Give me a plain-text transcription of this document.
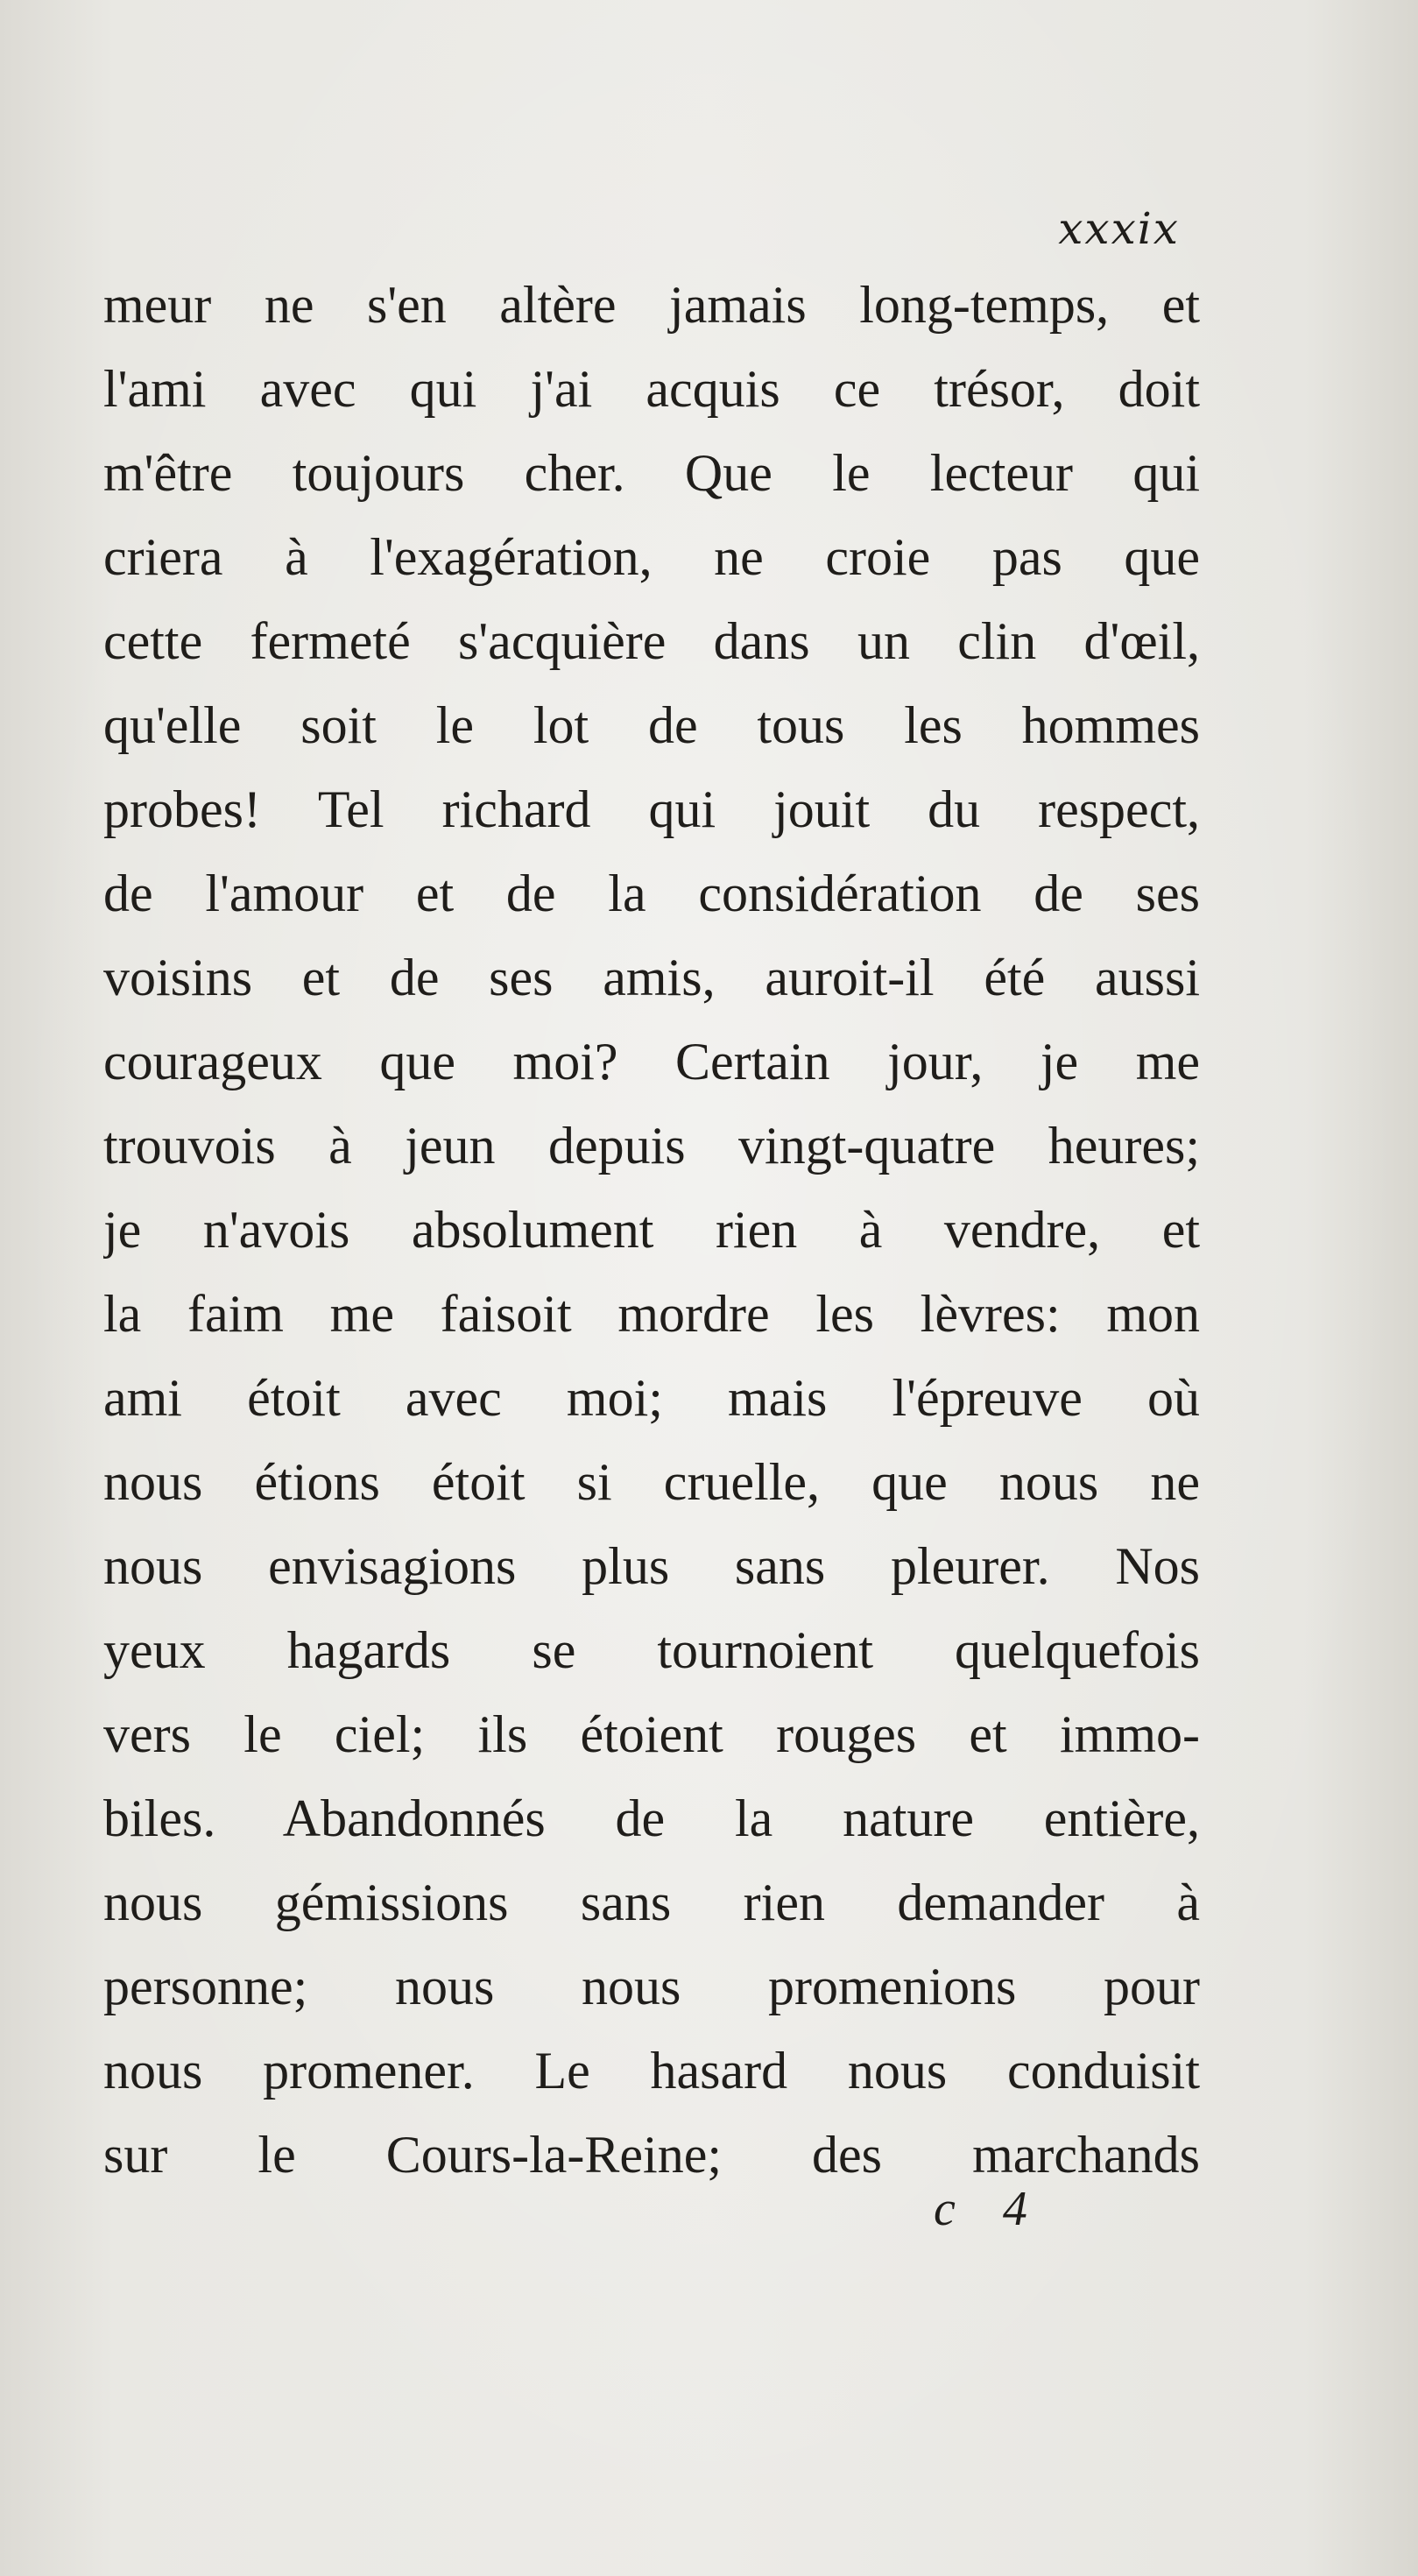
xxxix

meur ne s'en altère jamais long-temps, et
l'ami avec qui j'ai acquis ce trésor, doit
m'être toujours cher. Que le lecteur qui
criera à l'exagération, ne croie pas que
cette fermeté s'acquière dans un clin d'œil,
qu'elle soit le lot de tous les hommes
probes! Tel richard qui jouit du respect,
de l'amour et de la considération de ses
voisins et de ses amis, auroit-il été aussi
courageux que moi? Certain jour, je me
trouvois à jeun depuis vingt-quatre heures;
je n'avois absolument rien à vendre, et
la faim me faisoit mordre les lèvres: mon
ami étoit avec moi; mais l'épreuve où
nous étions étoit si cruelle, que nous ne
nous envisagions plus sans pleurer. Nos
yeux hagards se tournoient quelquefois
vers le ciel; ils étoient rouges et immo-
biles. Abandonnés de la nature entière,
nous gémissions sans rien demander à
personne; nous nous promenions pour
nous promener. Le hasard nous conduisit
sur le Cours-la-Reine; des marchands

c 4
